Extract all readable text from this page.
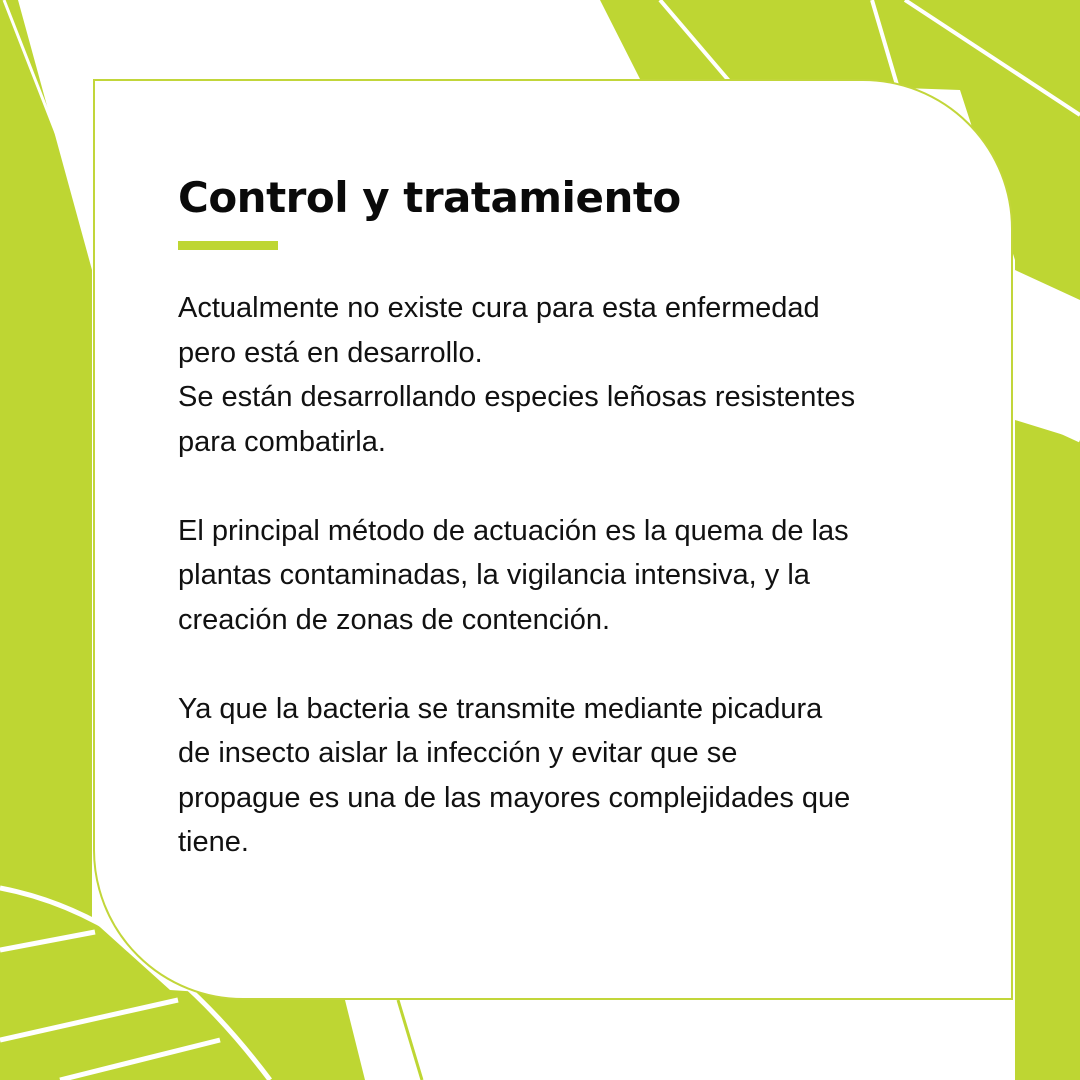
Control y tratamiento

Actualmente no existe cura para esta enfermedad
pero está en desarrollo.
Se están desarrollando especies leñosas resistentes
para combatirla.

El principal método de actuación es la quema de las
plantas contaminadas, la vigilancia intensiva, y la
creación de zonas de contención.

Ya que la bacteria se transmite mediante picadura
de insecto aislar la infección y evitar que se
propague es una de las mayores complejidades que
tiene.
